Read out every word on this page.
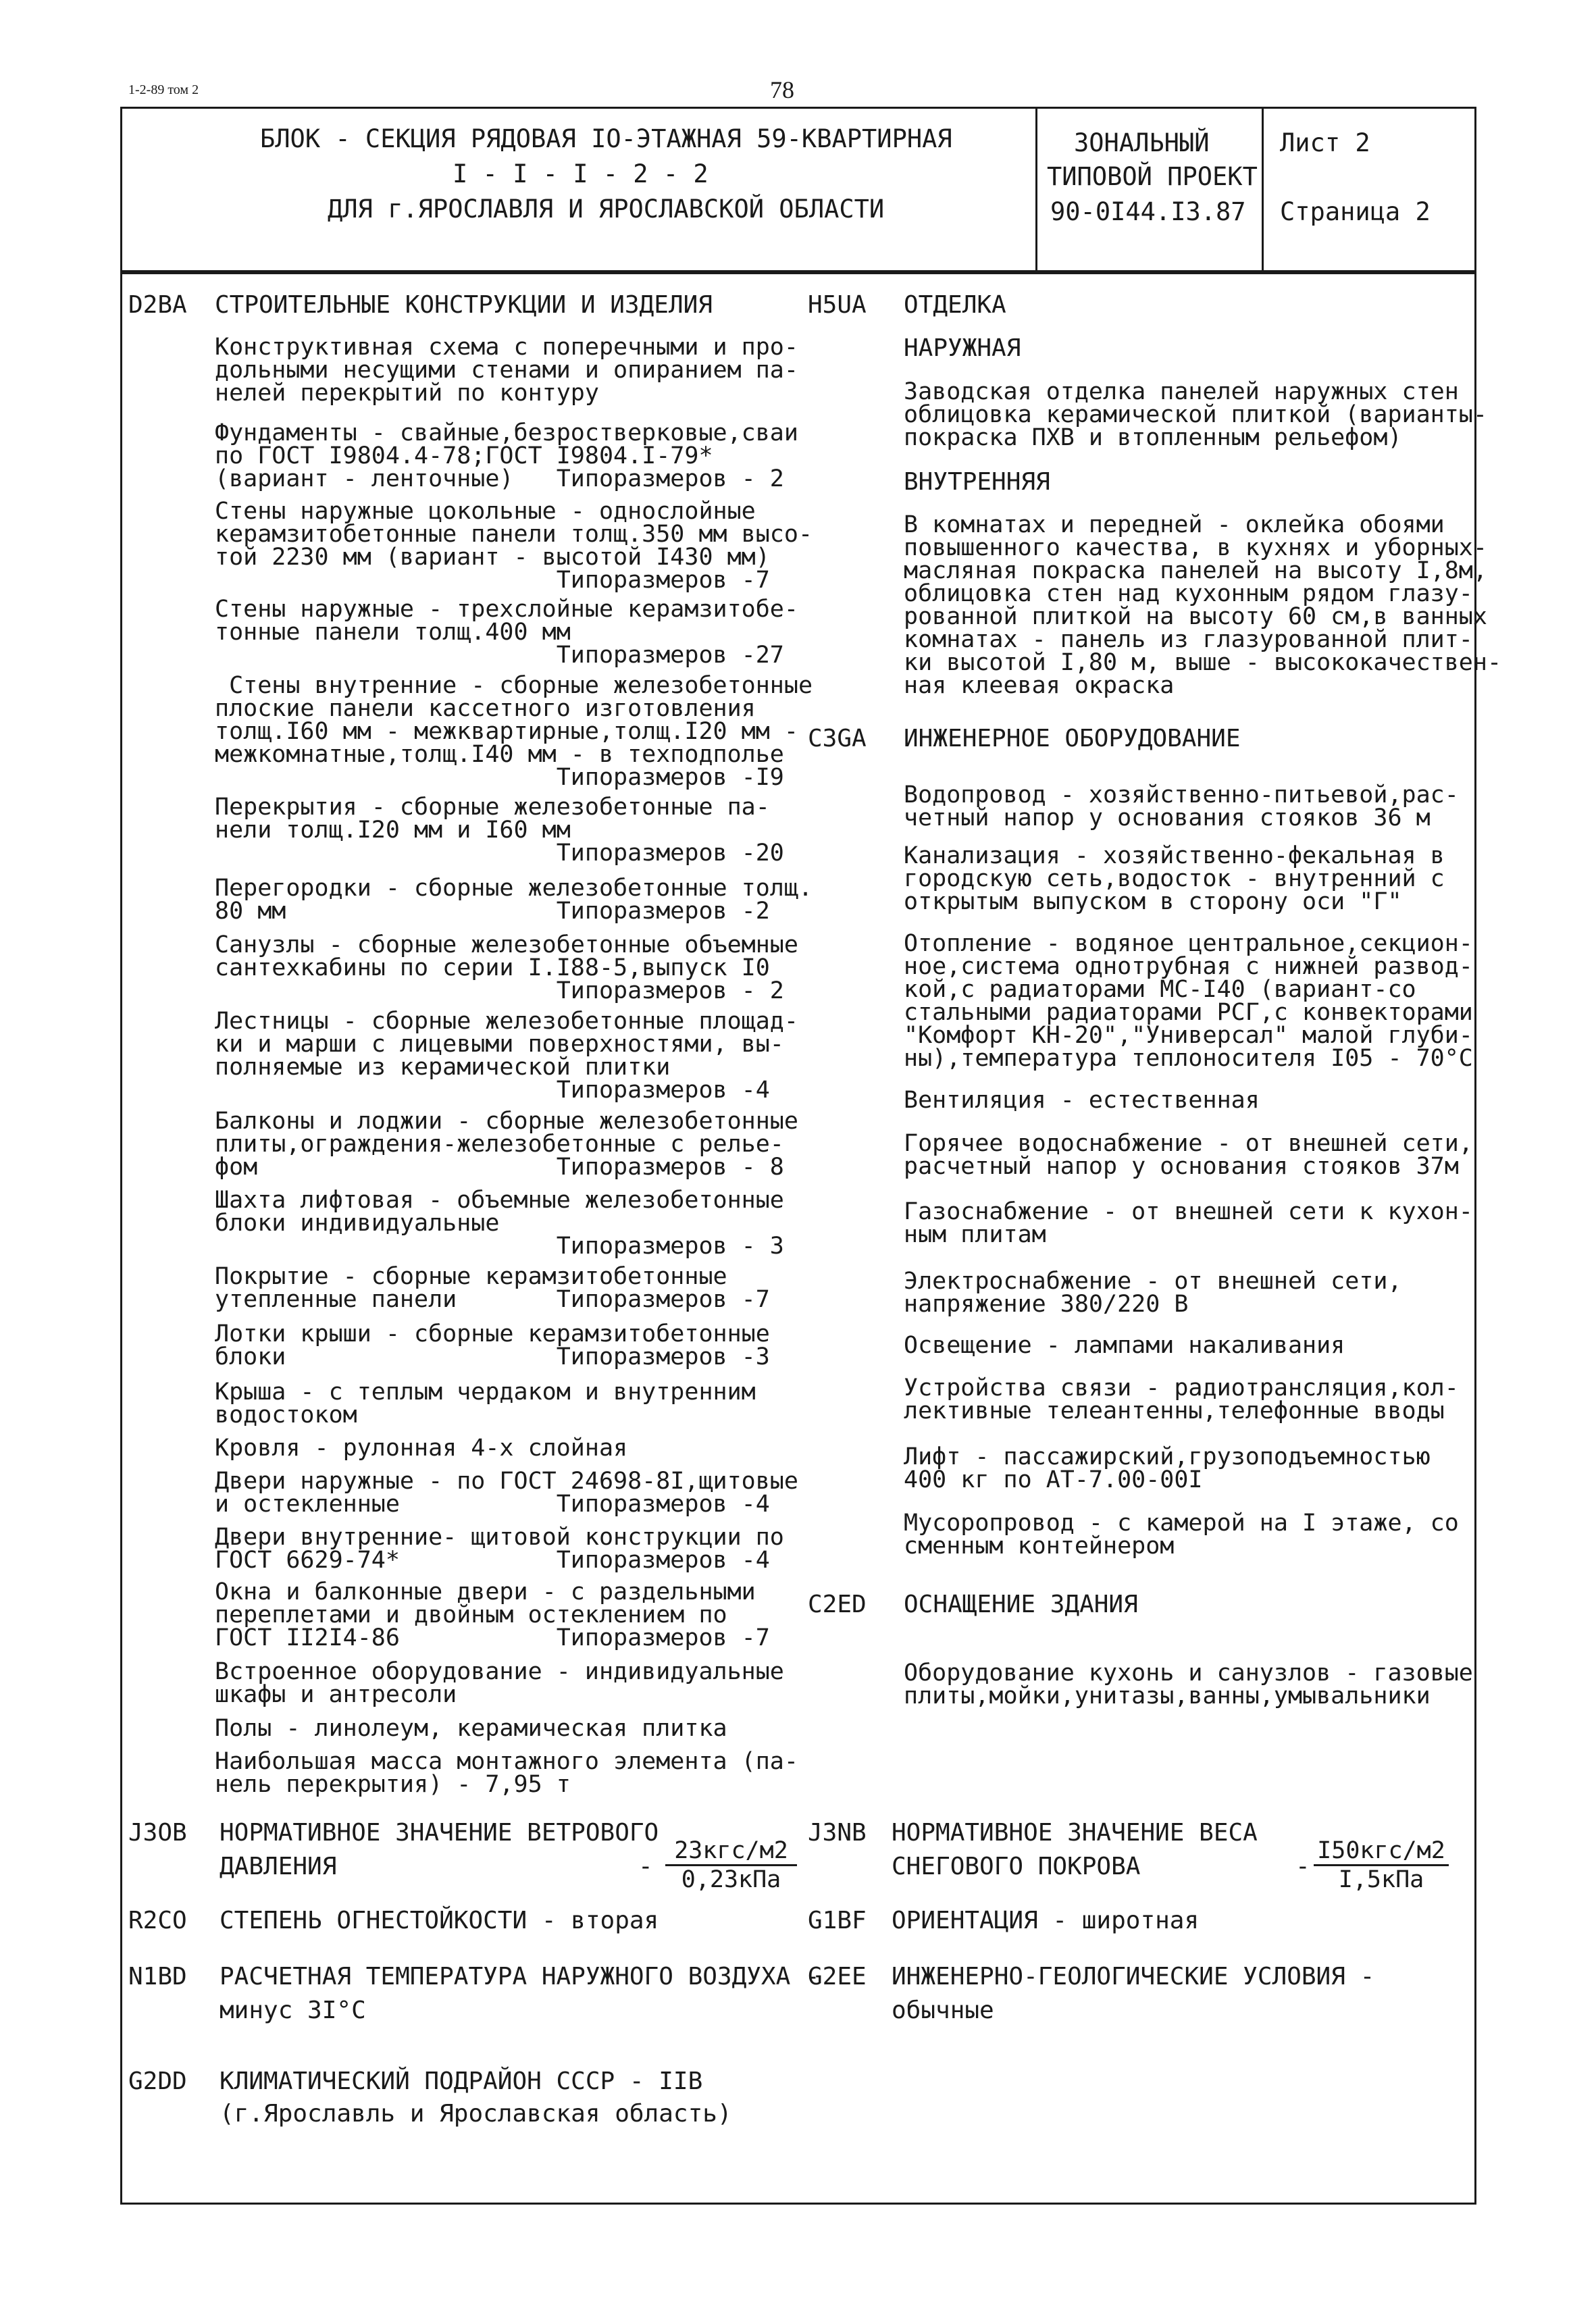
1-2-89 том 2	78
БЛОК - СЕКЦИЯ РЯДОВАЯ IO-ЭТАЖНАЯ 59-КВАРТИРНАЯ
I - I - I - 2 - 2
ДЛЯ г.ЯРОСЛАВЛЯ И ЯРОСЛАВСКОЙ ОБЛАСТИ
ЗОНАЛЬНЫЙ
ТИПОВОЙ ПРОЕКТ
90-0I44.I3.87
Лист 2
Страница 2
D2BA СТРОИТЕЛЬНЫЕ КОНСТРУКЦИИ И ИЗДЕЛИЯ
Конструктивная схема с поперечными и про-
дольными несущими стенами и опиранием па-
нелей перекрытий по контуру
Фундаменты - свайные,безростверковые,сваи
по ГОСТ I9804.4-78;ГОСТ I9804.I-79*
(вариант - ленточные)   Типоразмеров - 2
Стены наружные цокольные - однослойные
керамзитобетонные панели толщ.350 мм высо-
той 2230 мм (вариант - высотой I430 мм)
Типоразмеров -7
Стены наружные - трехслойные керамзитобе-
тонные панели толщ.400 мм
Типоразмеров -27
Стены внутренние - сборные железобетонные
плоские панели кассетного изготовления
толщ.I60 мм - межквартирные,толщ.I20 мм -
межкомнатные,толщ.I40 мм - в техподполье
Типоразмеров -I9
Перекрытия - сборные железобетонные па-
нели толщ.I20 мм и I60 мм
Типоразмеров -20
Перегородки - сборные железобетонные толщ.
80 мм                   Типоразмеров -2
Санузлы - сборные железобетонные объемные
сантехкабины по серии I.I88-5,выпуск I0
Типоразмеров - 2
Лестницы - сборные железобетонные площад-
ки и марши с лицевыми поверхностями, вы-
полняемые из керамической плитки
Типоразмеров -4
Балконы и лоджии - сборные железобетонные
плиты,ограждения-железобетонные с релье-
фом                     Типоразмеров - 8
Шахта лифтовая - объемные железобетонные
блоки индивидуальные
Типоразмеров - 3
Покрытие - сборные керамзитобетонные
утепленные панели       Типоразмеров -7
Лотки крыши - сборные керамзитобетонные
блоки                   Типоразмеров -3
Крыша - с теплым чердаком и внутренним
водостоком
Кровля - рулонная 4-х слойная
Двери наружные - по ГОСТ 24698-8I,щитовые
и остекленные           Типоразмеров -4
Двери внутренние- щитовой конструкции по
ГОСТ 6629-74*           Типоразмеров -4
Окна и балконные двери - с раздельными
переплетами и двойным остеклением по
ГОСТ II2I4-86           Типоразмеров -7
Встроенное оборудование - индивидуальные
шкафы и антресоли
Полы - линолеум, керамическая плитка
Наибольшая масса монтажного элемента (па-
нель перекрытия) - 7,95 т
H5UA ОТДЕЛКА
НАРУЖНАЯ
Заводская отделка панелей наружных стен
облицовка керамической плиткой (варианты-
покраска ПХВ и втопленным рельефом)
ВНУТРЕННЯЯ
В комнатах и передней - оклейка обоями
повышенного качества, в кухнях и уборных-
масляная покраска панелей на высоту I,8м,
облицовка стен над кухонным рядом глазу-
рованной плиткой на высоту 60 см,в ванных
комнатах - панель из глазурованной плит-
ки высотой I,80 м, выше - высококачествен-
ная клеевая окраска
C3GA ИНЖЕНЕРНОЕ ОБОРУДОВАНИЕ
Водопровод - хозяйственно-питьевой,рас-
четный напор у основания стояков 36 м
Канализация - хозяйственно-фекальная в
городскую сеть,водосток - внутренний с
открытым выпуском в сторону оси "Г"
Отопление - водяное центральное,секцион-
ное,система однотрубная с нижней развод-
кой,с радиаторами МС-I40 (вариант-со
стальными радиаторами РСГ,с конвекторами
"Комфорт КН-20","Универсал" малой глуби-
ны),температура теплоносителя I05 - 70°С
Вентиляция - естественная
Горячее водоснабжение - от внешней сети,
расчетный напор у основания стояков 37м
Газоснабжение - от внешней сети к кухон-
ным плитам
Электроснабжение - от внешней сети,
напряжение 380/220 В
Освещение - лампами накаливания
Устройства связи - радиотрансляция,кол-
лективные телеантенны,телефонные вводы
Лифт - пассажирский,грузоподъемностью
400 кг по АТ-7.00-00I
Мусоропровод - с камерой на I этаже, со
сменным контейнером
C2ED ОСНАЩЕНИЕ ЗДАНИЯ
Оборудование кухонь и санузлов - газовые
плиты,мойки,унитазы,ванны,умывальники
J3OB НОРМАТИВНОЕ ЗНАЧЕНИЕ ВЕТРОВОГО
ДАВЛЕНИЯ	-
23кгс/м2
0,23кПа
J3NB НОРМАТИВНОЕ ЗНАЧЕНИЕ ВЕСА
СНЕГОВОГО ПОКРОВА	-
I50кгс/м2
I,5кПа
R2CO СТЕПЕНЬ ОГНЕСТОЙКОСТИ - вторая	G1BF ОРИЕНТАЦИЯ - широтная
N1BD РАСЧЕТНАЯ ТЕМПЕРАТУРА НАРУЖНОГО ВОЗДУХА -
минус 3I°С
G2EE ИНЖЕНЕРНО-ГЕОЛОГИЧЕСКИЕ УСЛОВИЯ -
обычные
G2DD КЛИМАТИЧЕСКИЙ ПОДРАЙОН СССР - IIВ
(г.Ярославль и Ярославская область)
